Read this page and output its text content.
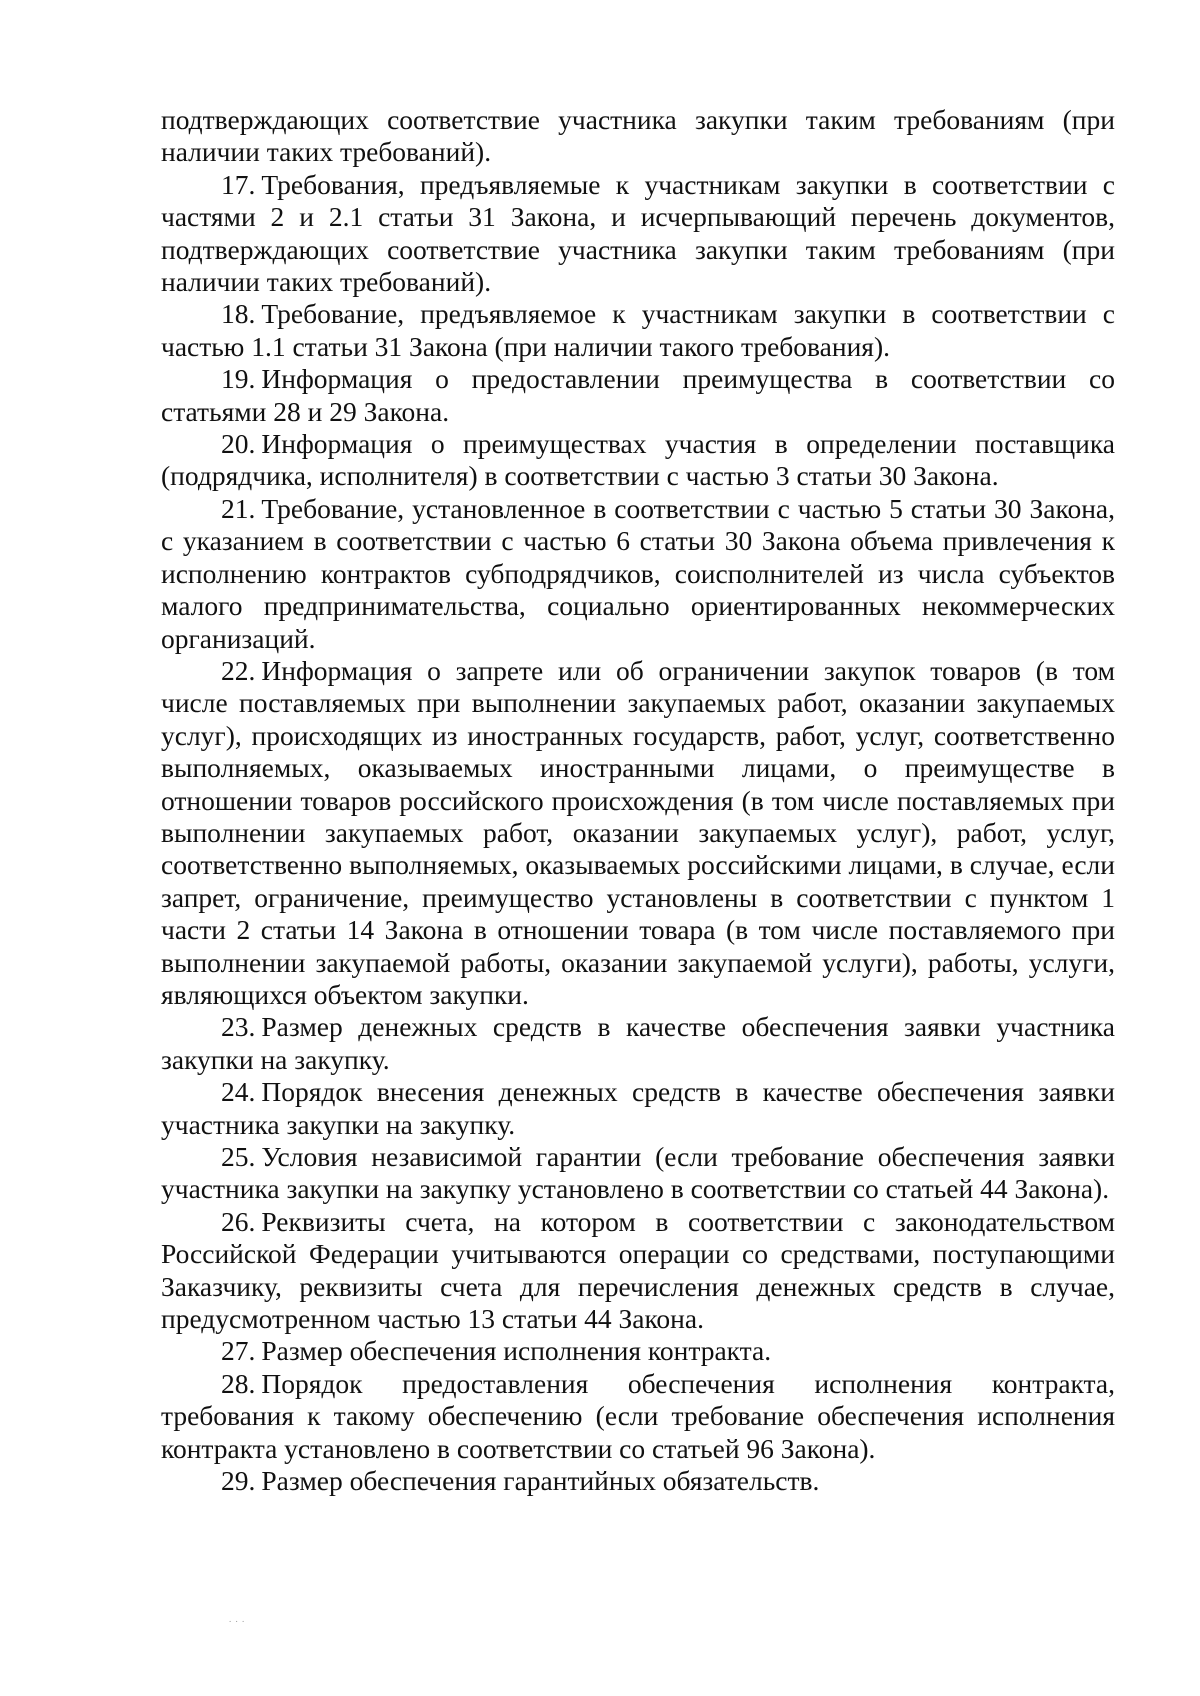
подтверждающих соответствие участника закупки таким требованиям (при наличии таких требований).

17. Требования, предъявляемые к участникам закупки в соответствии с частями 2 и 2.1 статьи 31 Закона, и исчерпывающий перечень документов, подтверждающих соответствие участника закупки таким требованиям (при наличии таких требований).

18. Требование, предъявляемое к участникам закупки в соответствии с частью 1.1 статьи 31 Закона (при наличии такого требования).

19. Информация о предоставлении преимущества в соответствии со статьями 28 и 29 Закона.

20. Информация о преимуществах участия в определении поставщика (подрядчика, исполнителя) в соответствии с частью 3 статьи 30 Закона.

21. Требование, установленное в соответствии с частью 5 статьи 30 Закона, с указанием в соответствии с частью 6 статьи 30 Закона объема привлечения к исполнению контрактов субподрядчиков, соисполнителей из числа субъектов малого предпринимательства, социально ориентированных некоммерческих организаций.

22. Информация о запрете или об ограничении закупок товаров (в том числе поставляемых при выполнении закупаемых работ, оказании закупаемых услуг), происходящих из иностранных государств, работ, услуг, соответственно выполняемых, оказываемых иностранными лицами, о преимуществе в отношении товаров российского происхождения (в том числе поставляемых при выполнении закупаемых работ, оказании закупаемых услуг), работ, услуг, соответственно выполняемых, оказываемых российскими лицами, в случае, если запрет, ограничение, преимущество установлены в соответствии с пунктом 1 части 2 статьи 14 Закона в отношении товара (в том числе поставляемого при выполнении закупаемой работы, оказании закупаемой услуги), работы, услуги, являющихся объектом закупки.

23. Размер денежных средств в качестве обеспечения заявки участника закупки на закупку.

24. Порядок внесения денежных средств в качестве обеспечения заявки участника закупки на закупку.

25. Условия независимой гарантии (если требование обеспечения заявки участника закупки на закупку установлено в соответствии со статьей 44 Закона).

26. Реквизиты счета, на котором в соответствии с законодательством Российской Федерации учитываются операции со средствами, поступающими Заказчику, реквизиты счета для перечисления денежных средств в случае, предусмотренном частью 13 статьи 44 Закона.

27. Размер обеспечения исполнения контракта.

28. Порядок предоставления обеспечения исполнения контракта, требования к такому обеспечению (если требование обеспечения исполнения контракта установлено в соответствии со статьей 96 Закона).

29. Размер обеспечения гарантийных обязательств.

. . .
